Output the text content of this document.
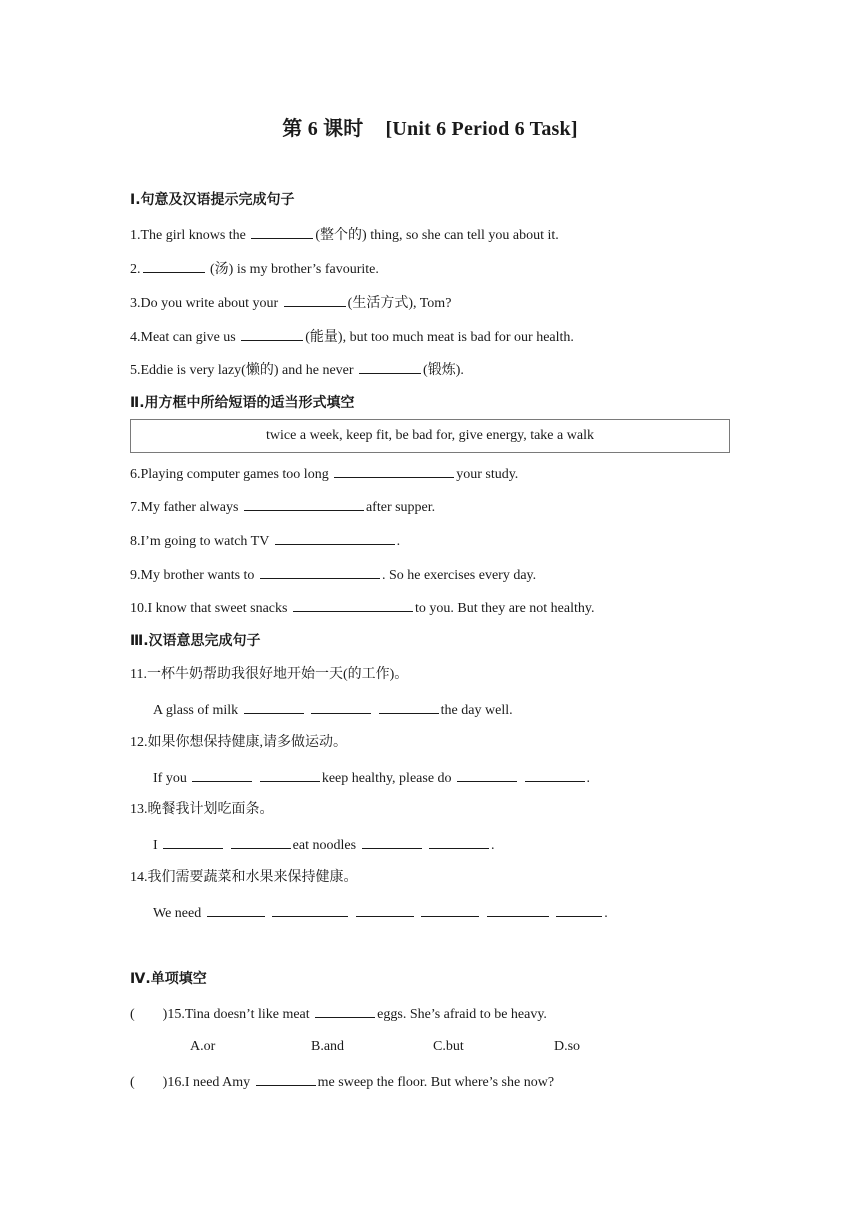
第 6 课时 [Unit 6 Period 6 Task]
Ⅰ.句意及汉语提示完成句子
1.The girl knows the	(整个的) thing, so she can tell you about it.
2.	(汤) is my brother’s favourite.
3.Do you write about your	(生活方式), Tom?
4.Meat can give us	(能量), but too much meat is bad for our health.
5.Eddie is very lazy(懒的) and he never	(锻炼).
Ⅱ.用方框中所给短语的适当形式填空
twice a week, keep fit, be bad for, give energy, take a walk
6.Playing computer games too long	your study.
7.My father always	after supper.
8.I’m going to watch TV	.
9.My brother wants to	. So he exercises every day.
10.I know that sweet snacks	to you. But they are not healthy.
Ⅲ.汉语意思完成句子
11.一杯牛奶帮助我很好地开始一天(的工作)。
A glass of milk	the day well.
12.如果你想保持健康,请多做运动。
If you	keep healthy, please do	.
13.晚餐我计划吃面条。
I	eat noodles	.
14.我们需要蔬菜和水果来保持健康。
We need	.
Ⅳ.单项填空
(        )15.Tina doesn’t like meat	eggs. She’s afraid to be heavy.
A.or	B.and	C.but	D.so
(        )16.I need Amy	me sweep the floor. But where’s she now?
